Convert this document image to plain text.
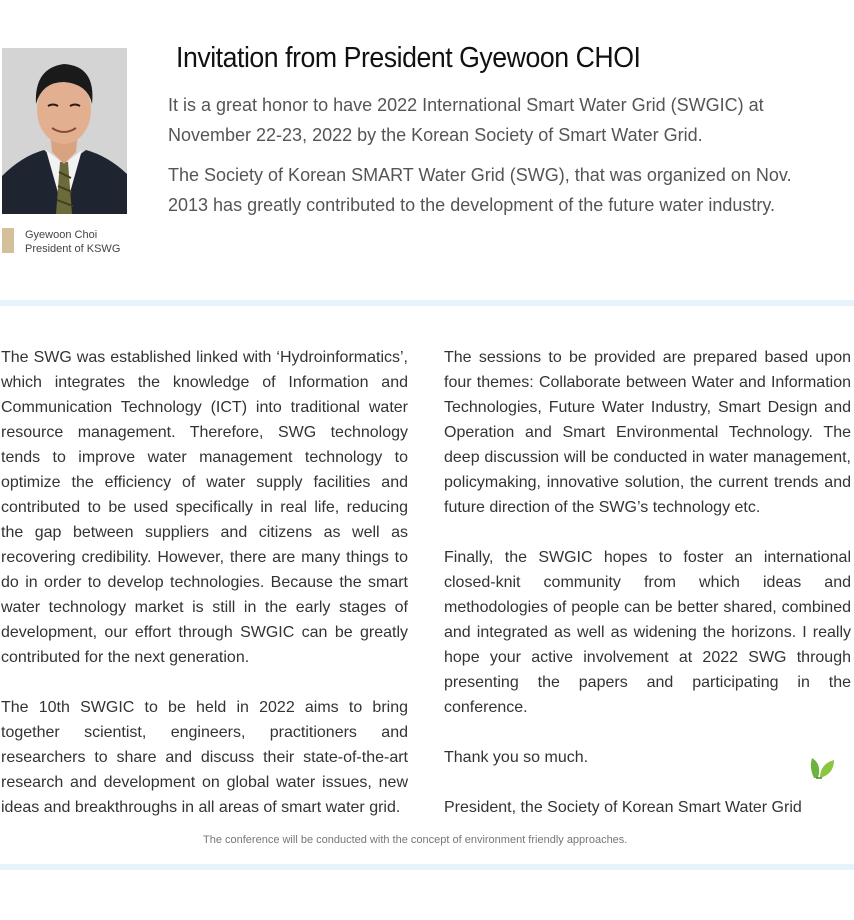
Gyewoon Choi
President of KSWG
Invitation from President Gyewoon CHOI
It is a great honor to have 2022 International Smart Water Grid (SWGIC) at
November 22-23, 2022 by the Korean Society of Smart Water Grid.
The Society of Korean SMART Water Grid (SWG), that was organized on Nov.
2013 has greatly contributed to the development of the future water industry.

The SWG was established linked with ‘Hydroinformatics’, which integrates the knowledge of Information and Communication Technology (ICT) into traditional water resource management. Therefore, SWG technology tends to improve water management technology to optimize the efficiency of water supply facilities and contributed to be used specifically in real life, reducing the gap between suppliers and citizens as well as recovering credibility. However, there are many things to do in order to develop technologies. Because the smart water technology market is still in the early stages of development, our effort through SWGIC can be greatly contributed for the next generation.

The 10th SWGIC to be held in 2022 aims to bring together scientist, engineers, practitioners and researchers to share and discuss their state-of-the-art research and development on global water issues, new ideas and breakthroughs in all areas of smart water grid.

The sessions to be provided are prepared based upon four themes: Collaborate between Water and Information Technologies, Future Water Industry, Smart Design and Operation and Smart Environmental Technology. The deep discussion will be conducted in water management, policymaking, innovative solution, the current trends and future direction of the SWG’s technology etc.

Finally, the SWGIC hopes to foster an international closed-knit community from which ideas and methodologies of people can be better shared, combined and integrated as well as widening the horizons. I really hope your active involvement at 2022 SWG through presenting the papers and participating in the conference.

Thank you so much.

President, the Society of Korean Smart Water Grid

The conference will be conducted with the concept of environment friendly approaches.
